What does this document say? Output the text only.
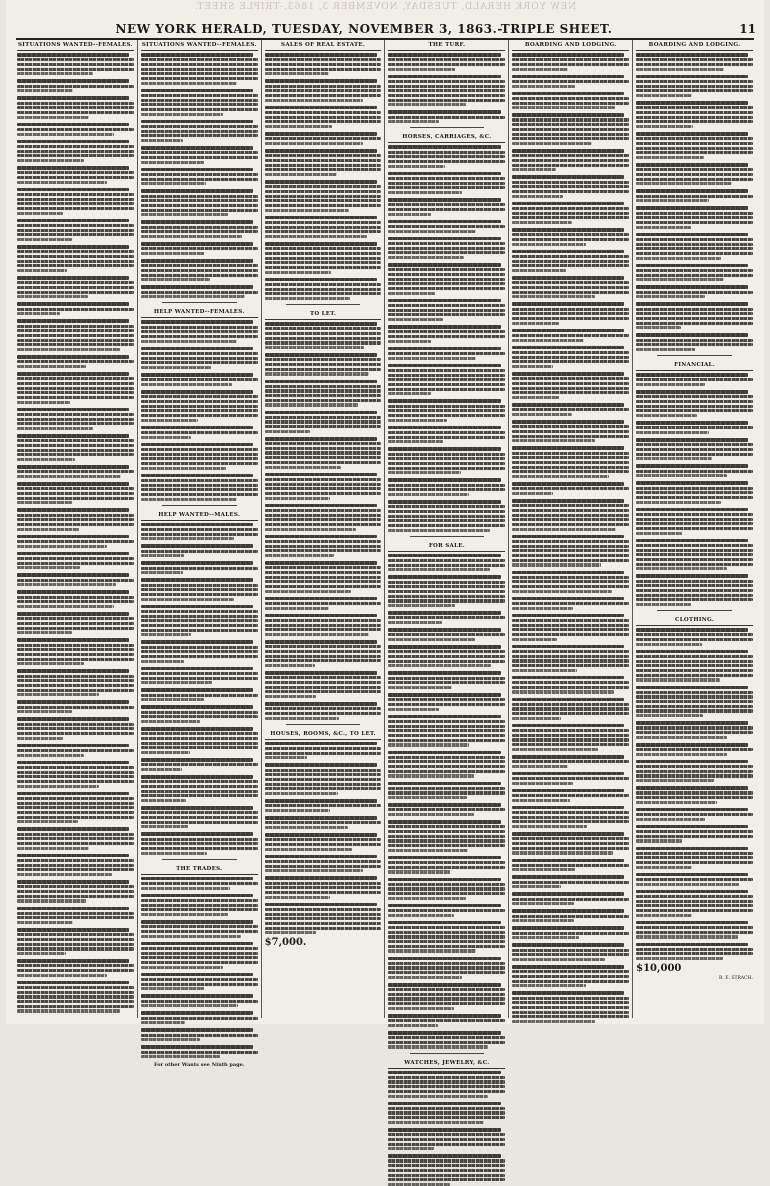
NEW YORK HERALD, TUESDAY, NOVEMBER 3, 1863.-TRIPLE SHEET.
NEW YORK HERALD, TUESDAY, NOVEMBER 3, 1863.-TRIPLE SHEET.	11
SITUATIONS WANTED--FEMALES. SITUATIONS WANTED--FEMALES.
HELP WANTED--FEMALES.
HELP WANTED--MALES.
THE TRADES.
For other Wants see Ninth page.
SALES OF REAL ESTATE.
TO LET.
HOUSES, ROOMS, &C., TO LET.
$7,000.
THE TURF.
HORSES, CARRIAGES, &C.
FOR SALE.
WATCHES, JEWELRY, &C.
BOARDING AND LODGING.	BOARDING AND LODGING.
FINANCIAL.
CLOTHING.
$10,000
R. E. STRACH.
